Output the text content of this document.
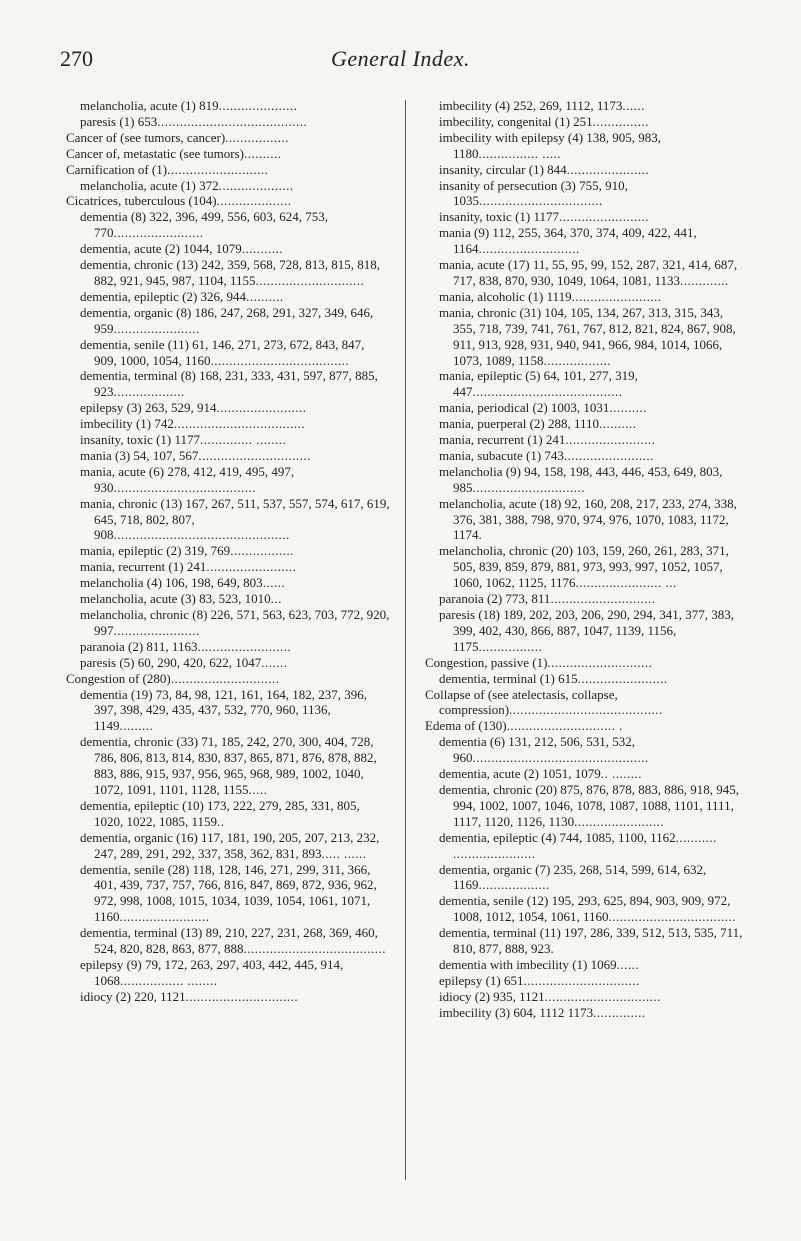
270	General Index.
melancholia, acute (1) 819.....................
paresis (1) 653........................................
Cancer of (see tumors, cancer).................
Cancer of, metastatic (see tumors)..........
Carnification of (1)...........................
melancholia, acute (1) 372....................
Cicatrices, tuberculous (104)....................
dementia (8) 322, 396, 499, 556, 603, 624, 753, 770........................
dementia, acute (2) 1044, 1079...........
dementia, chronic (13) 242, 359, 568, 728, 813, 815, 818, 882, 921, 945, 987, 1104, 1155.............................
dementia, epileptic (2) 326, 944..........
dementia, organic (8) 186, 247, 268, 291, 327, 349, 646, 959.......................
dementia, senile (11) 61, 146, 271, 273, 672, 843, 847, 909, 1000, 1054, 1160.....................................
dementia, terminal (8) 168, 231, 333, 431, 597, 877, 885, 923...................
epilepsy (3) 263, 529, 914........................
imbecility (1) 742...................................
insanity, toxic (1) 1177.............. ........
mania (3) 54, 107, 567..............................
mania, acute (6) 278, 412, 419, 495, 497, 930......................................
mania, chronic (13) 167, 267, 511, 537, 557, 574, 617, 619, 645, 718, 802, 807, 908...............................................
mania, epileptic (2) 319, 769.................
mania, recurrent (1) 241........................
melancholia (4) 106, 198, 649, 803......
melancholia, acute (3) 83, 523, 1010...
melancholia, chronic (8) 226, 571, 563, 623, 703, 772, 920, 997.......................
paranoia (2) 811, 1163.........................
paresis (5) 60, 290, 420, 622, 1047.......
Congestion of (280).............................
dementia (19) 73, 84, 98, 121, 161, 164, 182, 237, 396, 397, 398, 429, 435, 437, 532, 770, 960, 1136, 1149.........
dementia, chronic (33) 71, 185, 242, 270, 300, 404, 728, 786, 806, 813, 814, 830, 837, 865, 871, 876, 878, 882, 883, 886, 915, 937, 956, 965, 968, 989, 1002, 1040, 1072, 1091, 1101, 1128, 1155.....
dementia, epileptic (10) 173, 222, 279, 285, 331, 805, 1020, 1022, 1085, 1159..
dementia, organic (16) 117, 181, 190, 205, 207, 213, 232, 247, 289, 291, 292, 337, 358, 362, 831, 893..... ......
dementia, senile (28) 118, 128, 146, 271, 299, 311, 366, 401, 439, 737, 757, 766, 816, 847, 869, 872, 936, 962, 972, 998, 1008, 1015, 1034, 1039, 1054, 1061, 1071, 1160........................
dementia, terminal (13) 89, 210, 227, 231, 268, 369, 460, 524, 820, 828, 863, 877, 888......................................
epilepsy (9) 79, 172, 263, 297, 403, 442, 445, 914, 1068................. ........
idiocy (2) 220, 1121..............................
imbecility (4) 252, 269, 1112, 1173......
imbecility, congenital (1) 251...............
imbecility with epilepsy (4) 138, 905, 983, 1180................ .....
insanity, circular (1) 844......................
insanity of persecution (3) 755, 910, 1035.................................
insanity, toxic (1) 1177........................
mania (9) 112, 255, 364, 370, 374, 409, 422, 441, 1164...........................
mania, acute (17) 11, 55, 95, 99, 152, 287, 321, 414, 687, 717, 838, 870, 930, 1049, 1064, 1081, 1133.............
mania, alcoholic (1) 1119........................
mania, chronic (31) 104, 105, 134, 267, 313, 315, 343, 355, 718, 739, 741, 761, 767, 812, 821, 824, 867, 908, 911, 913, 928, 931, 940, 941, 966, 984, 1014, 1066, 1073, 1089, 1158..................
mania, epileptic (5) 64, 101, 277, 319, 447........................................
mania, periodical (2) 1003, 1031..........
mania, puerperal (2) 288, 1110..........
mania, recurrent (1) 241........................
mania, subacute (1) 743........................
melancholia (9) 94, 158, 198, 443, 446, 453, 649, 803, 985..............................
melancholia, acute (18) 92, 160, 208, 217, 233, 274, 338, 376, 381, 388, 798, 970, 974, 976, 1070, 1083, 1172, 1174.
melancholia, chronic (20) 103, 159, 260, 261, 283, 371, 505, 839, 859, 879, 881, 973, 993, 997, 1052, 1057, 1060, 1062, 1125, 1176....................... ...
paranoia (2) 773, 811............................
paresis (18) 189, 202, 203, 206, 290, 294, 341, 377, 383, 399, 402, 430, 866, 887, 1047, 1139, 1156, 1175.................
Congestion, passive (1)............................
dementia, terminal (1) 615........................
Collapse of (see atelectasis, collapse, compression).........................................
Edema of (130)............................. .
dementia (6) 131, 212, 506, 531, 532, 960...............................................
dementia, acute (2) 1051, 1079.. ........
dementia, chronic (20) 875, 876, 878, 883, 886, 918, 945, 994, 1002, 1007, 1046, 1078, 1087, 1088, 1101, 1111, 1117, 1120, 1126, 1130........................
dementia, epileptic (4) 744, 1085, 1100, 1162........... ......................
dementia, organic (7) 235, 268, 514, 599, 614, 632, 1169...................
dementia, senile (12) 195, 293, 625, 894, 903, 909, 972, 1008, 1012, 1054, 1061, 1160..................................
dementia, terminal (11) 197, 286, 339, 512, 513, 535, 711, 810, 877, 888, 923.
dementia with imbecility (1) 1069......
epilepsy (1) 651...............................
idiocy (2) 935, 1121...............................
imbecility (3) 604, 1112 1173..............
